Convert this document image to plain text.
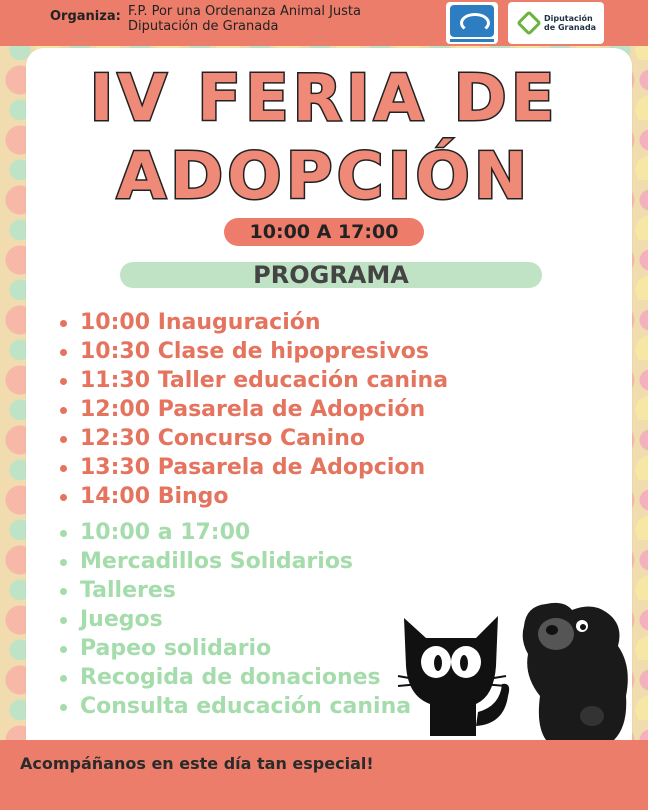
Organiza: F.P. Por una Ordenanza Animal Justa
Diputación de Granada
Diputación
de Granada
IV FERIA DE
ADOPCIÓN
10:00 A 17:00
PROGRAMA
10:00 Inauguración
10:30 Clase de hipopresivos
11:30 Taller educación canina
12:00 Pasarela de Adopción
12:30 Concurso Canino
13:30 Pasarela de Adopcion
14:00 Bingo
10:00 a 17:00
Mercadillos Solidarios
Talleres
Juegos
Papeo solidario
Recogida de donaciones
Consulta educación canina
Acompáñanos en este día tan especial!
